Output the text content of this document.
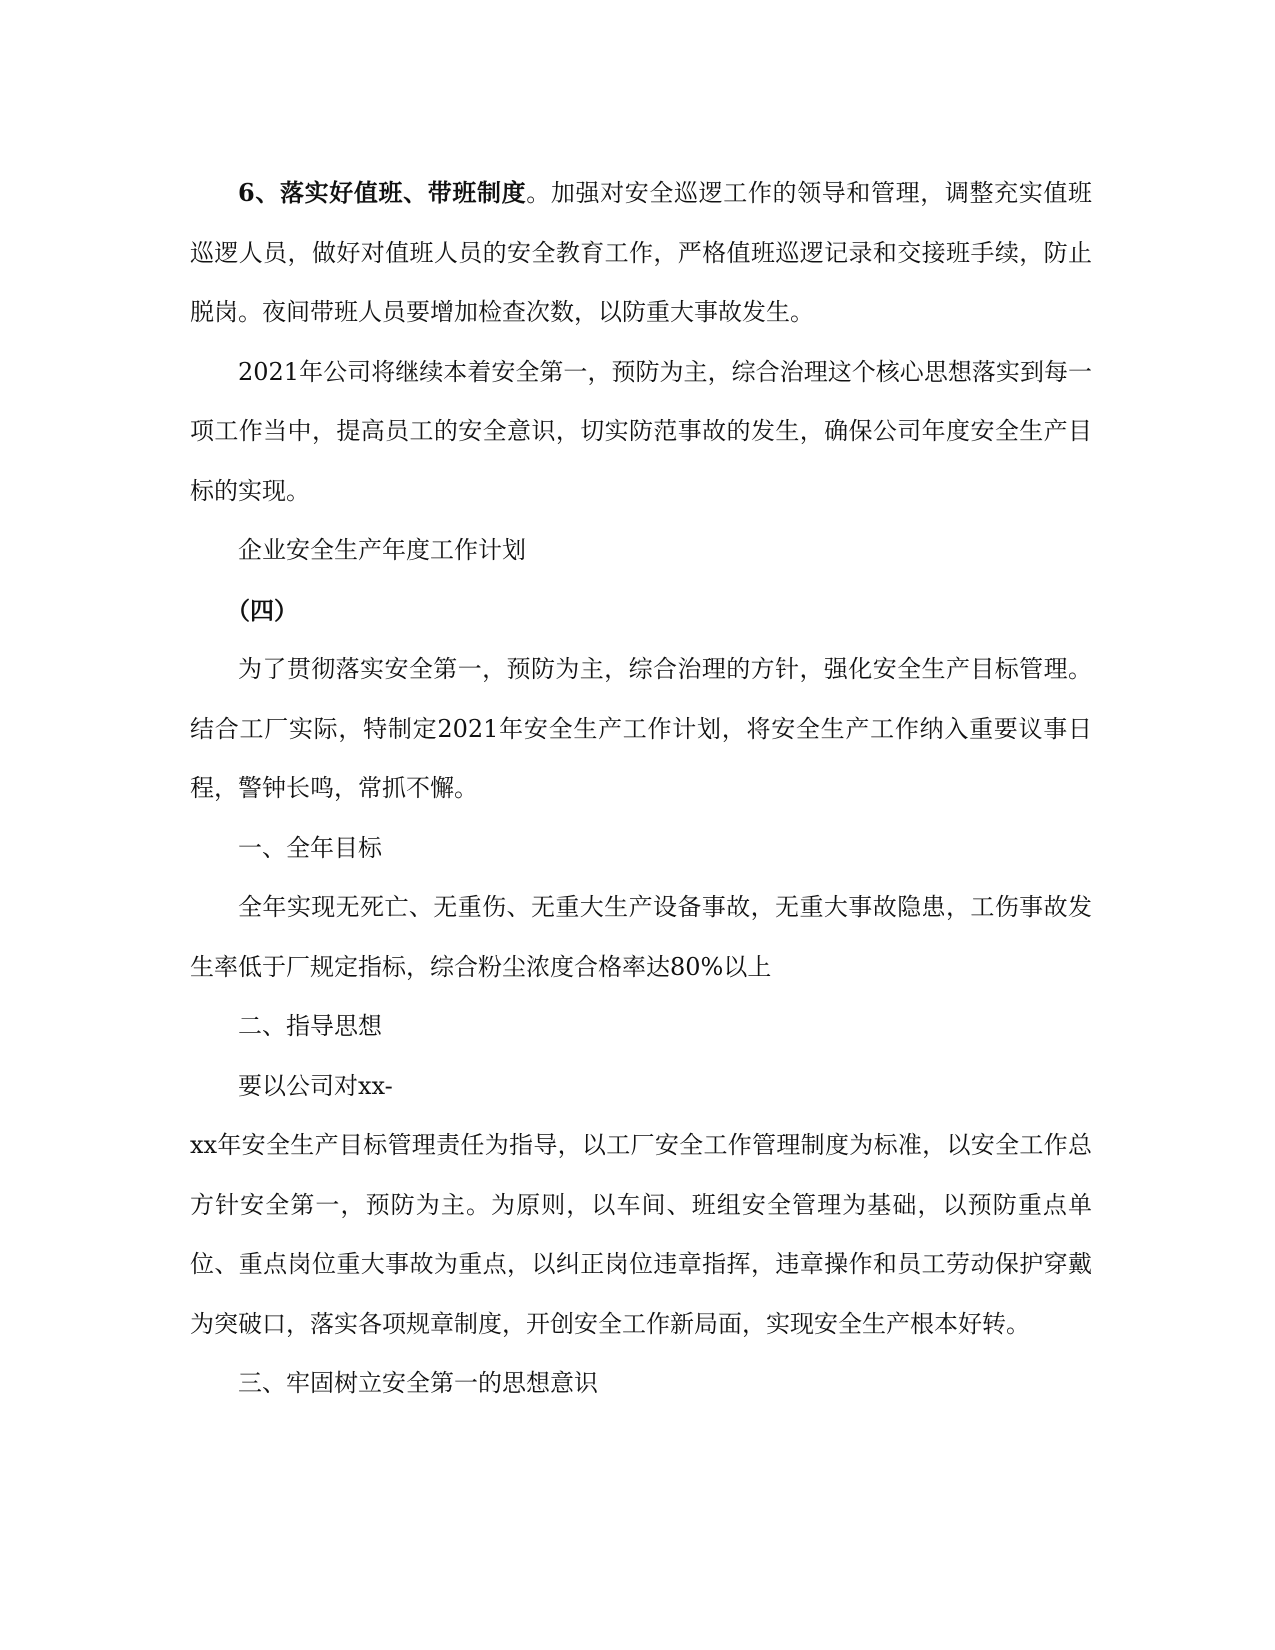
6、落实好值班、带班制度。加强对安全巡逻工作的领导和管理，调整充实值班巡逻人员，做好对值班人员的安全教育工作，严格值班巡逻记录和交接班手续，防止脱岗。夜间带班人员要增加检查次数，以防重大事故发生。

2021年公司将继续本着安全第一，预防为主，综合治理这个核心思想落实到每一项工作当中，提高员工的安全意识，切实防范事故的发生，确保公司年度安全生产目标的实现。

企业安全生产年度工作计划

（四）

为了贯彻落实安全第一，预防为主，综合治理的方针，强化安全生产目标管理。结合工厂实际，特制定2021年安全生产工作计划，将安全生产工作纳入重要议事日程，警钟长鸣，常抓不懈。

一、全年目标

全年实现无死亡、无重伤、无重大生产设备事故，无重大事故隐患，工伤事故发生率低于厂规定指标，综合粉尘浓度合格率达80%以上

二、指导思想

要以公司对xx-

xx年安全生产目标管理责任为指导，以工厂安全工作管理制度为标准，以安全工作总方针安全第一，预防为主。为原则，以车间、班组安全管理为基础，以预防重点单位、重点岗位重大事故为重点，以纠正岗位违章指挥，违章操作和员工劳动保护穿戴为突破口，落实各项规章制度，开创安全工作新局面，实现安全生产根本好转。

三、牢固树立安全第一的思想意识
